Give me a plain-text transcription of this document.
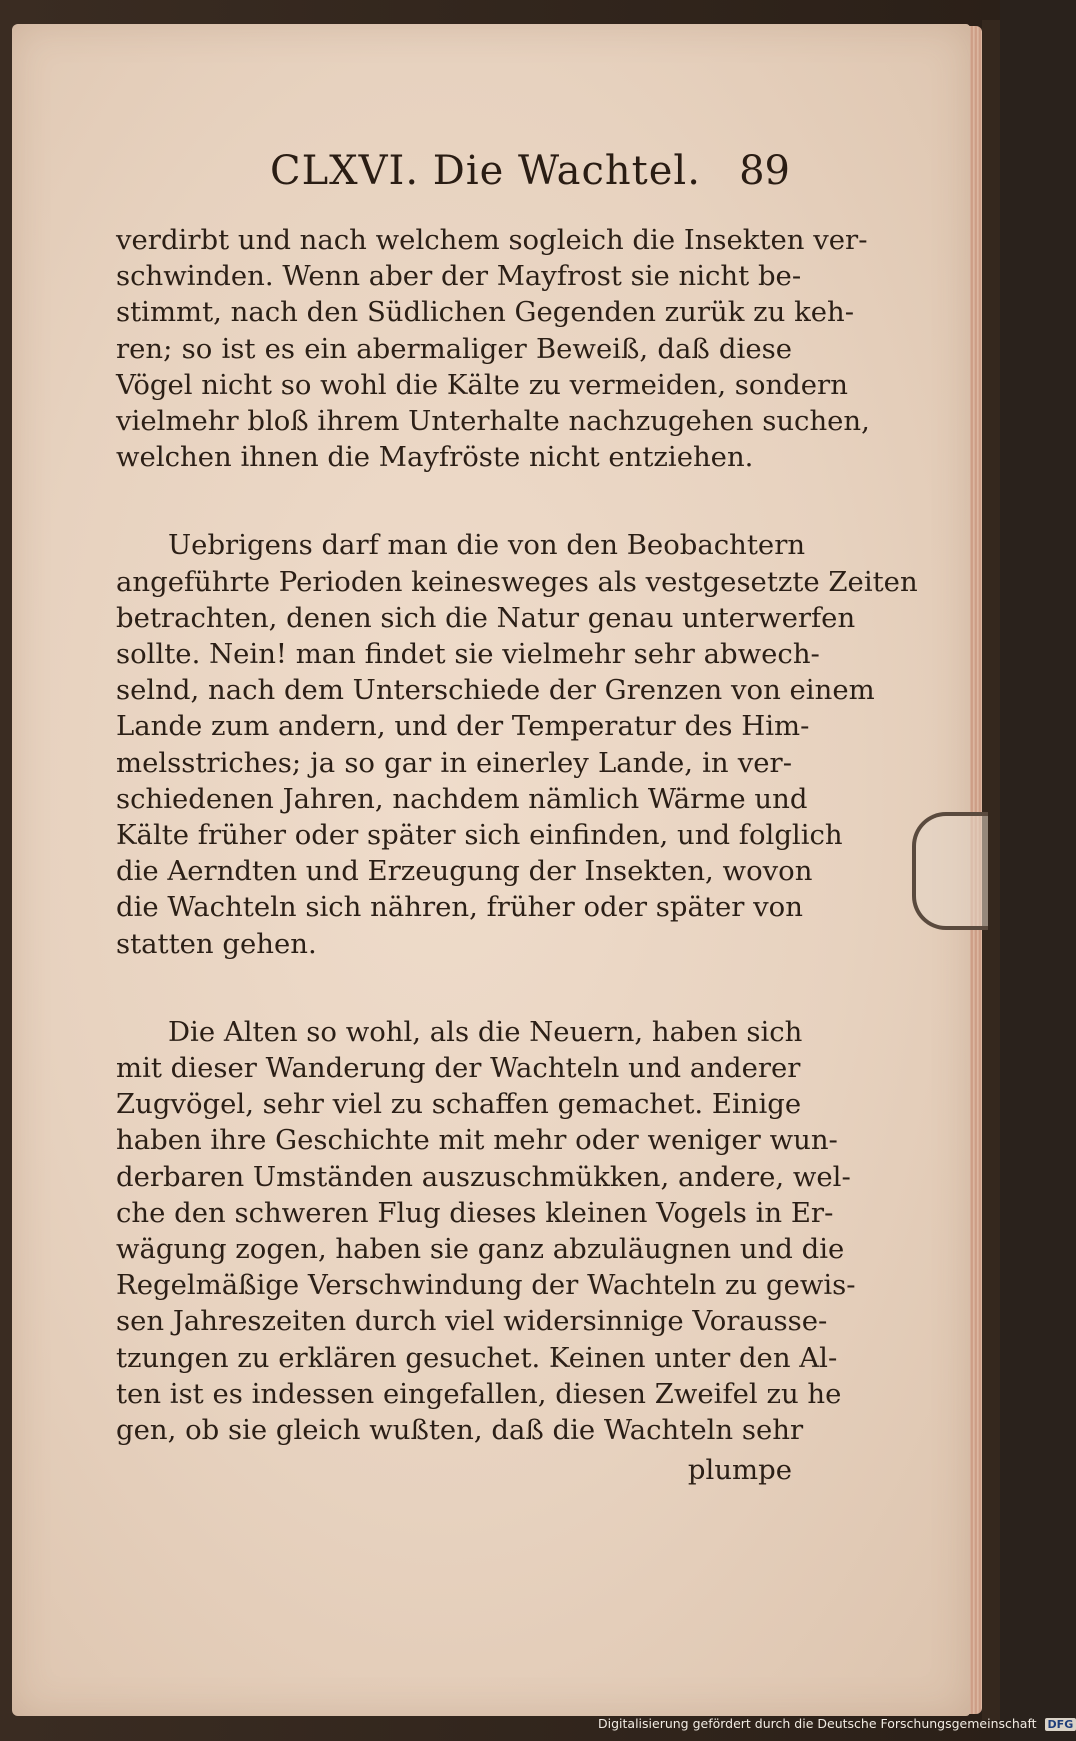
CLXVI. Die Wachtel. 89
verdirbt und nach welchem sogleich die Insekten ver-
schwinden. Wenn aber der Mayfrost sie nicht be-
stimmt, nach den Südlichen Gegenden zurük zu keh-
ren; so ist es ein abermaliger Beweiß, daß diese
Vögel nicht so wohl die Kälte zu vermeiden, sondern
vielmehr bloß ihrem Unterhalte nachzugehen suchen,
welchen ihnen die Mayfröste nicht entziehen.
Uebrigens darf man die von den Beobachtern
angeführte Perioden keinesweges als vestgesetzte Zeiten
betrachten, denen sich die Natur genau unterwerfen
sollte. Nein! man findet sie vielmehr sehr abwech-
selnd, nach dem Unterschiede der Grenzen von einem
Lande zum andern, und der Temperatur des Him-
melsstriches; ja so gar in einerley Lande, in ver-
schiedenen Jahren, nachdem nämlich Wärme und
Kälte früher oder später sich einfinden, und folglich
die Aerndten und Erzeugung der Insekten, wovon
die Wachteln sich nähren, früher oder später von
statten gehen.
Die Alten so wohl, als die Neuern, haben sich
mit dieser Wanderung der Wachteln und anderer
Zugvögel, sehr viel zu schaffen gemachet. Einige
haben ihre Geschichte mit mehr oder weniger wun-
derbaren Umständen auszuschmükken, andere, wel-
che den schweren Flug dieses kleinen Vogels in Er-
wägung zogen, haben sie ganz abzuläugnen und die
Regelmäßige Verschwindung der Wachteln zu gewis-
sen Jahreszeiten durch viel widersinnige Voraussе-
tzungen zu erklären gesuchet. Keinen unter den Al-
ten ist es indessen eingefallen, diesen Zweifel zu he
gen, ob sie gleich wußten, daß die Wachteln sehr
plumpe
Digitalisierung gefördert durch die Deutsche Forschungsgemeinschaft DFG
